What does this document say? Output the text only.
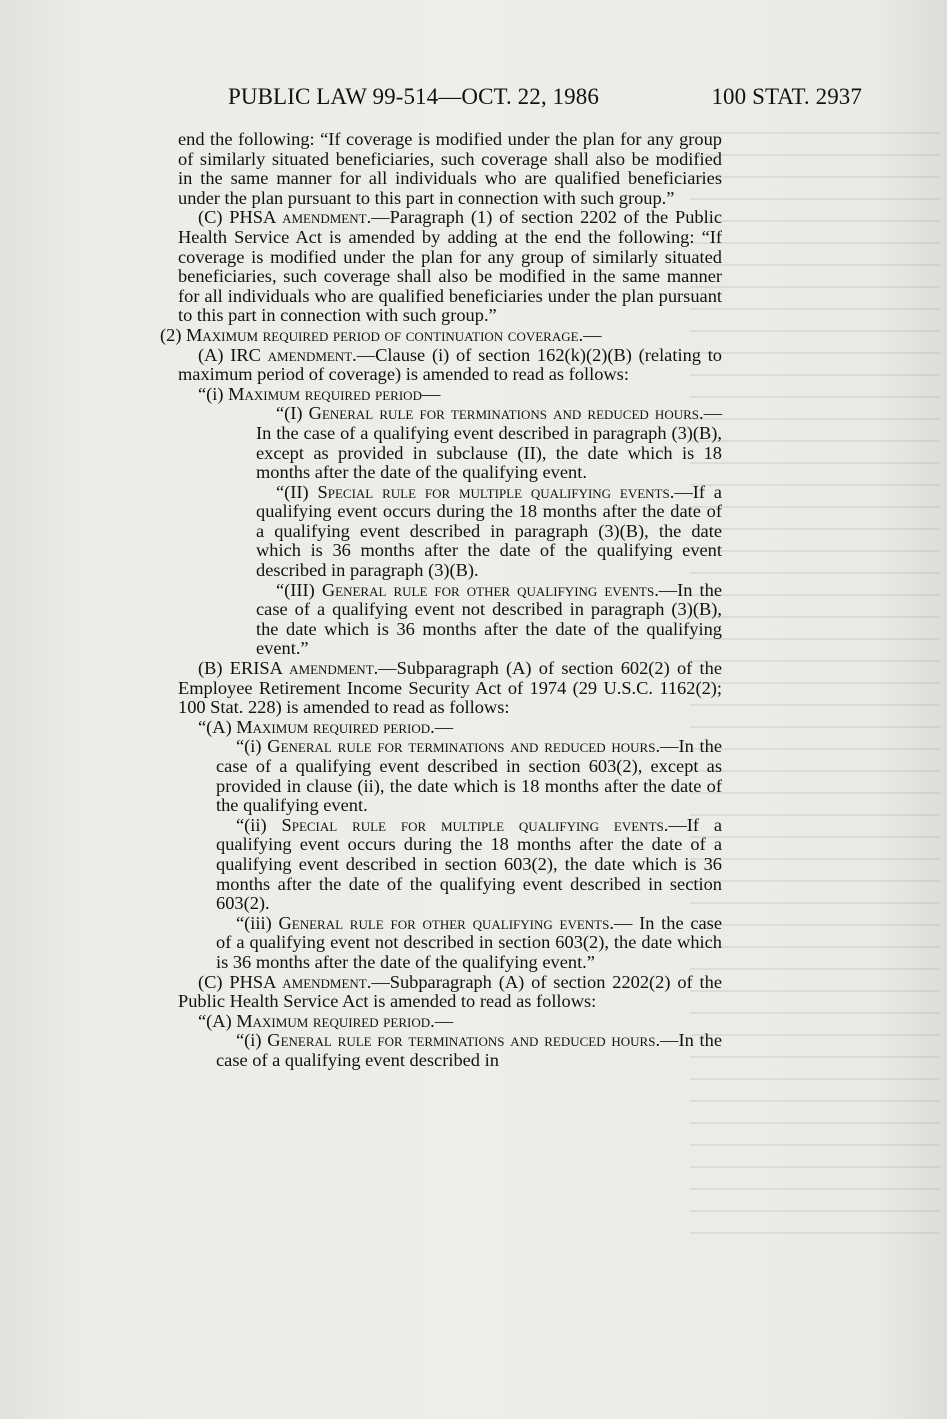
PUBLIC LAW 99-514—OCT. 22, 1986	100 STAT. 2937

end the following: “If coverage is modified under the plan for any group of similarly situated beneficiaries, such coverage shall also be modified in the same manner for all individuals who are qualified beneficiaries under the plan pursuant to this part in connection with such group.”

(C) PHSA amendment.—Paragraph (1) of section 2202 of the Public Health Service Act is amended by adding at the end the following: “If coverage is modified under the plan for any group of similarly situated beneficiaries, such coverage shall also be modified in the same manner for all individuals who are qualified beneficiaries under the plan pursuant to this part in connection with such group.”

(2) Maximum required period of continuation coverage.—

(A) IRC amendment.—Clause (i) of section 162(k)(2)(B) (relating to maximum period of coverage) is amended to read as follows:

“(i) Maximum required period—

“(I) General rule for terminations and reduced hours.—In the case of a qualifying event described in paragraph (3)(B), except as provided in subclause (II), the date which is 18 months after the date of the qualifying event.

“(II) Special rule for multiple qualifying events.—If a qualifying event occurs during the 18 months after the date of a qualifying event described in paragraph (3)(B), the date which is 36 months after the date of the qualifying event described in paragraph (3)(B).

“(III) General rule for other qualifying events.—In the case of a qualifying event not described in paragraph (3)(B), the date which is 36 months after the date of the qualifying event.”

(B) ERISA amendment.—Subparagraph (A) of section 602(2) of the Employee Retirement Income Security Act of 1974 (29 U.S.C. 1162(2); 100 Stat. 228) is amended to read as follows:

“(A) Maximum required period.—

“(i) General rule for terminations and reduced hours.—In the case of a qualifying event described in section 603(2), except as provided in clause (ii), the date which is 18 months after the date of the qualifying event.

“(ii) Special rule for multiple qualifying events.—If a qualifying event occurs during the 18 months after the date of a qualifying event described in section 603(2), the date which is 36 months after the date of the qualifying event described in section 603(2).

“(iii) General rule for other qualifying events.— In the case of a qualifying event not described in section 603(2), the date which is 36 months after the date of the qualifying event.”

(C) PHSA amendment.—Subparagraph (A) of section 2202(2) of the Public Health Service Act is amended to read as follows:

“(A) Maximum required period.—

“(i) General rule for terminations and reduced hours.—In the case of a qualifying event described in
